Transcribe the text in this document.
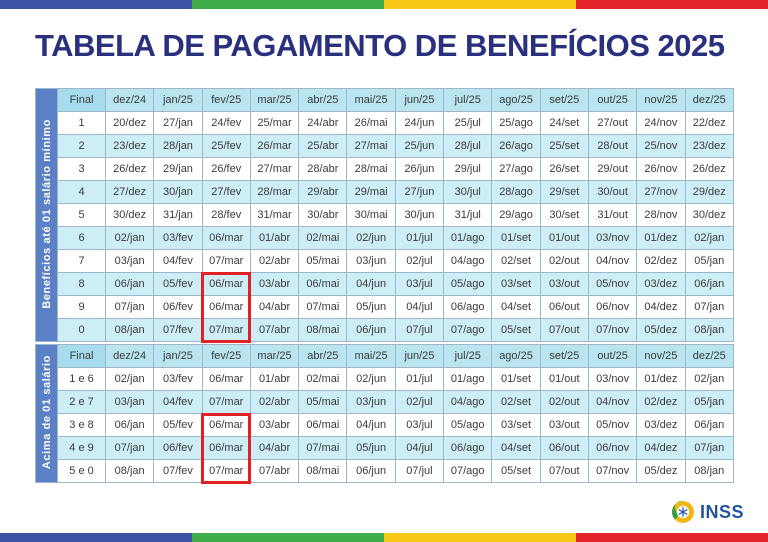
TABELA DE PAGAMENTO DE BENEFÍCIOS 2025
Benefícios até 01 salário mínimo	Final	dez/24	jan/25	fev/25	mar/25	abr/25	mai/25	jun/25	jul/25	ago/25	set/25	out/25	nov/25	dez/25
	1	20/dez	27/jan	24/fev	25/mar	24/abr	26/mai	24/jun	25/jul	25/ago	24/set	27/out	24/nov	22/dez
	2	23/dez	28/jan	25/fev	26/mar	25/abr	27/mai	25/jun	28/jul	26/ago	25/set	28/out	25/nov	23/dez
	3	26/dez	29/jan	26/fev	27/mar	28/abr	28/mai	26/jun	29/jul	27/ago	26/set	29/out	26/nov	26/dez
	4	27/dez	30/jan	27/fev	28/mar	29/abr	29/mai	27/jun	30/jul	28/ago	29/set	30/out	27/nov	29/dez
	5	30/dez	31/jan	28/fev	31/mar	30/abr	30/mai	30/jun	31/jul	29/ago	30/set	31/out	28/nov	30/dez
	6	02/jan	03/fev	06/mar	01/abr	02/mai	02/jun	01/jul	01/ago	01/set	01/out	03/nov	01/dez	02/jan
	7	03/jan	04/fev	07/mar	02/abr	05/mai	03/jun	02/jul	04/ago	02/set	02/out	04/nov	02/dez	05/jan
	8	06/jan	05/fev	06/mar	03/abr	06/mai	04/jun	03/jul	05/ago	03/set	03/out	05/nov	03/dez	06/jan
	9	07/jan	06/fev	06/mar	04/abr	07/mai	05/jun	04/jul	06/ago	04/set	06/out	06/nov	04/dez	07/jan
	0	08/jan	07/fev	07/mar	07/abr	08/mai	06/jun	07/jul	07/ago	05/set	07/out	07/nov	05/dez	08/jan
Acima de 01 salário	Final	dez/24	jan/25	fev/25	mar/25	abr/25	mai/25	jun/25	jul/25	ago/25	set/25	out/25	nov/25	dez/25
	1 e 6	02/jan	03/fev	06/mar	01/abr	02/mai	02/jun	01/jul	01/ago	01/set	01/out	03/nov	01/dez	02/jan
	2 e 7	03/jan	04/fev	07/mar	02/abr	05/mai	03/jun	02/jul	04/ago	02/set	02/out	04/nov	02/dez	05/jan
	3 e 8	06/jan	05/fev	06/mar	03/abr	06/mai	04/jun	03/jul	05/ago	03/set	03/out	05/nov	03/dez	06/jan
	4 e 9	07/jan	06/fev	06/mar	04/abr	07/mai	05/jun	04/jul	06/ago	04/set	06/out	06/nov	04/dez	07/jan
	5 e 0	08/jan	07/fev	07/mar	07/abr	08/mai	06/jun	07/jul	07/ago	05/set	07/out	07/nov	05/dez	08/jan
INSS
